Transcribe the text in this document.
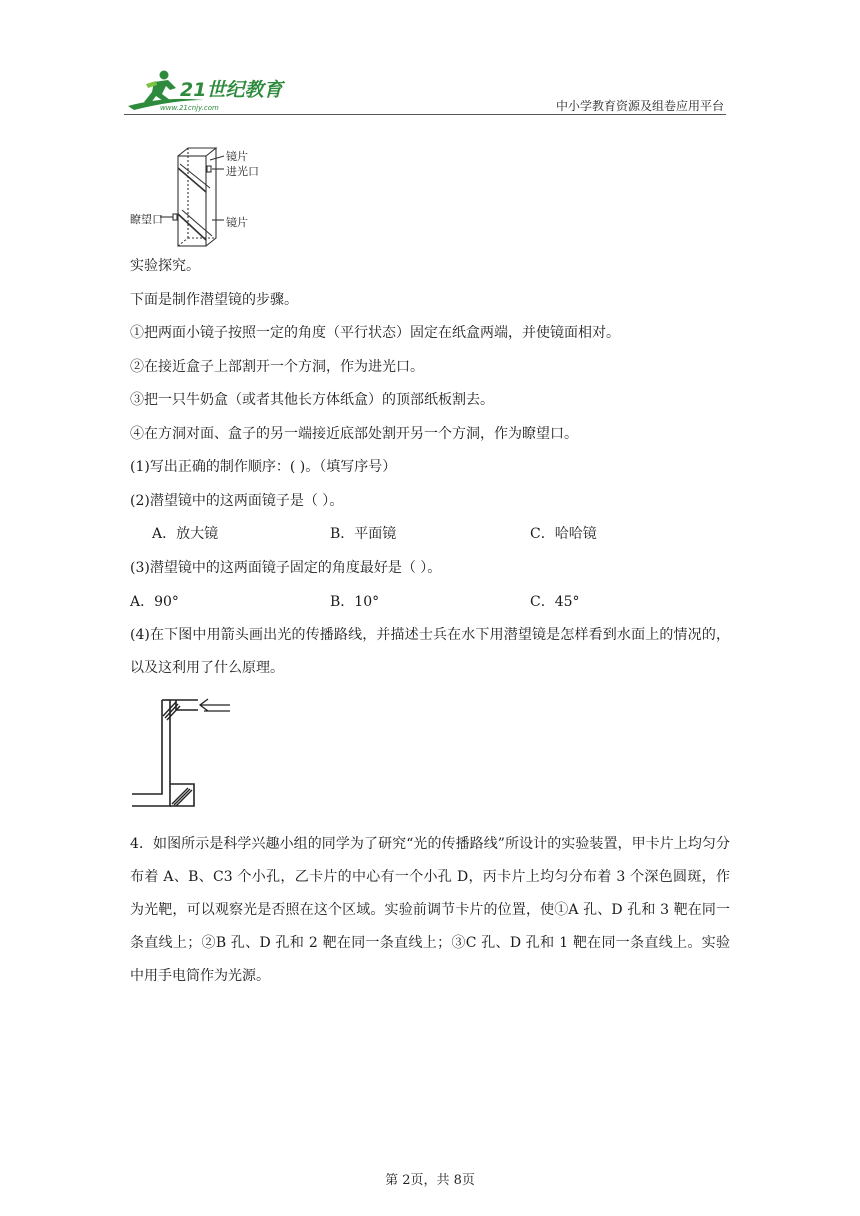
21世纪教育
www.21cnjy.com	中小学教育资源及组卷应用平台
镜片
进光口
瞭望口	镜片
实验探究。
下面是制作潜望镜的步骤。
①把两面小镜子按照一定的角度（平行状态）固定在纸盒两端，并使镜面相对。
②在接近盒子上部割开一个方洞，作为进光口。
③把一只牛奶盒（或者其他长方体纸盒）的顶部纸板割去。
④在方洞对面、盒子的另一端接近底部处割开另一个方洞，作为瞭望口。
(1)写出正确的制作顺序：( )。（填写序号）
(2)潜望镜中的这两面镜子是（ ）。
A．放大镜	B．平面镜	C．哈哈镜
(3)潜望镜中的这两面镜子固定的角度最好是（ ）。
A．90°	B．10°	C．45°
(4)在下图中用箭头画出光的传播路线，并描述士兵在水下用潜望镜是怎样看到水面上的情况的，以及这利用了什么原理。
4．如图所示是科学兴趣小组的同学为了研究“光的传播路线”所设计的实验装置，甲卡片上均匀分布着 A、B、C3 个小孔，乙卡片的中心有一个小孔 D，丙卡片上均匀分布着 3 个深色圆斑，作为光靶，可以观察光是否照在这个区域。实验前调节卡片的位置，使①A 孔、D 孔和 3 靶在同一条直线上；②B 孔、D 孔和 2 靶在同一条直线上；③C 孔、D 孔和 1 靶在同一条直线上。实验中用手电筒作为光源。
第 2页，共 8页
